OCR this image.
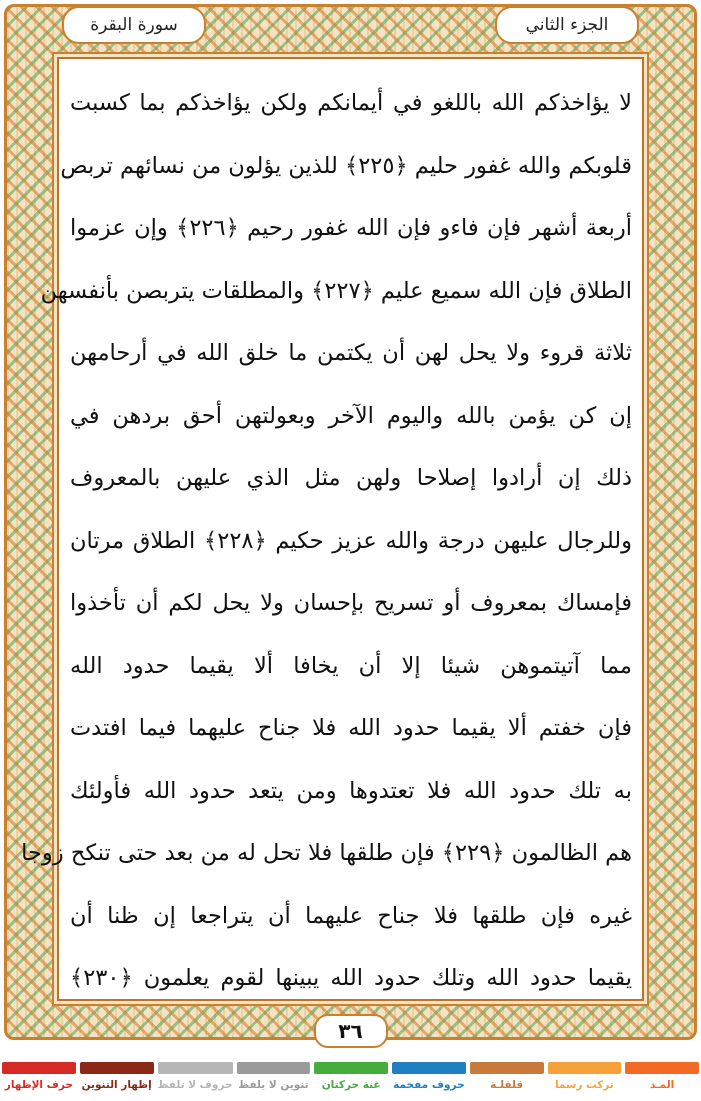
الجزء الثاني
سورة البقرة
لا يؤاخذكم الله باللغو في أيمانكم ولكن يؤاخذكم بما كسبت
قلوبكم والله غفور حليم ﴿٢٢٥﴾ للذين يؤلون من نسائهم تربص
أربعة أشهر فإن فاءو فإن الله غفور رحيم ﴿٢٢٦﴾ وإن عزموا
الطلاق فإن الله سميع عليم ﴿٢٢٧﴾ والمطلقات يتربصن بأنفسهن
ثلاثة قروء ولا يحل لهن أن يكتمن ما خلق الله في أرحامهن
إن كن يؤمن بالله واليوم الآخر وبعولتهن أحق بردهن في
ذلك إن أرادوا إصلاحا ولهن مثل الذي عليهن بالمعروف
وللرجال عليهن درجة والله عزيز حكيم ﴿٢٢٨﴾ الطلاق مرتان
فإمساك بمعروف أو تسريح بإحسان ولا يحل لكم أن تأخذوا
مما آتيتموهن شيئا إلا أن يخافا ألا يقيما حدود الله
فإن خفتم ألا يقيما حدود الله فلا جناح عليهما فيما افتدت
به تلك حدود الله فلا تعتدوها ومن يتعد حدود الله فأولئك
هم الظالمون ﴿٢٢٩﴾ فإن طلقها فلا تحل له من بعد حتى تنكح زوجا
غيره فإن طلقها فلا جناح عليهما أن يتراجعا إن ظنا أن
يقيما حدود الله وتلك حدود الله يبينها لقوم يعلمون ﴿٢٣٠﴾
٣٦
المـد
تركت رسما
قلقلـة
حروف مفخمة
غنة حركتان
تنوين لا يلفظ
حروف لا تلفظ
إظهار التنوين
حرف الإظهار
